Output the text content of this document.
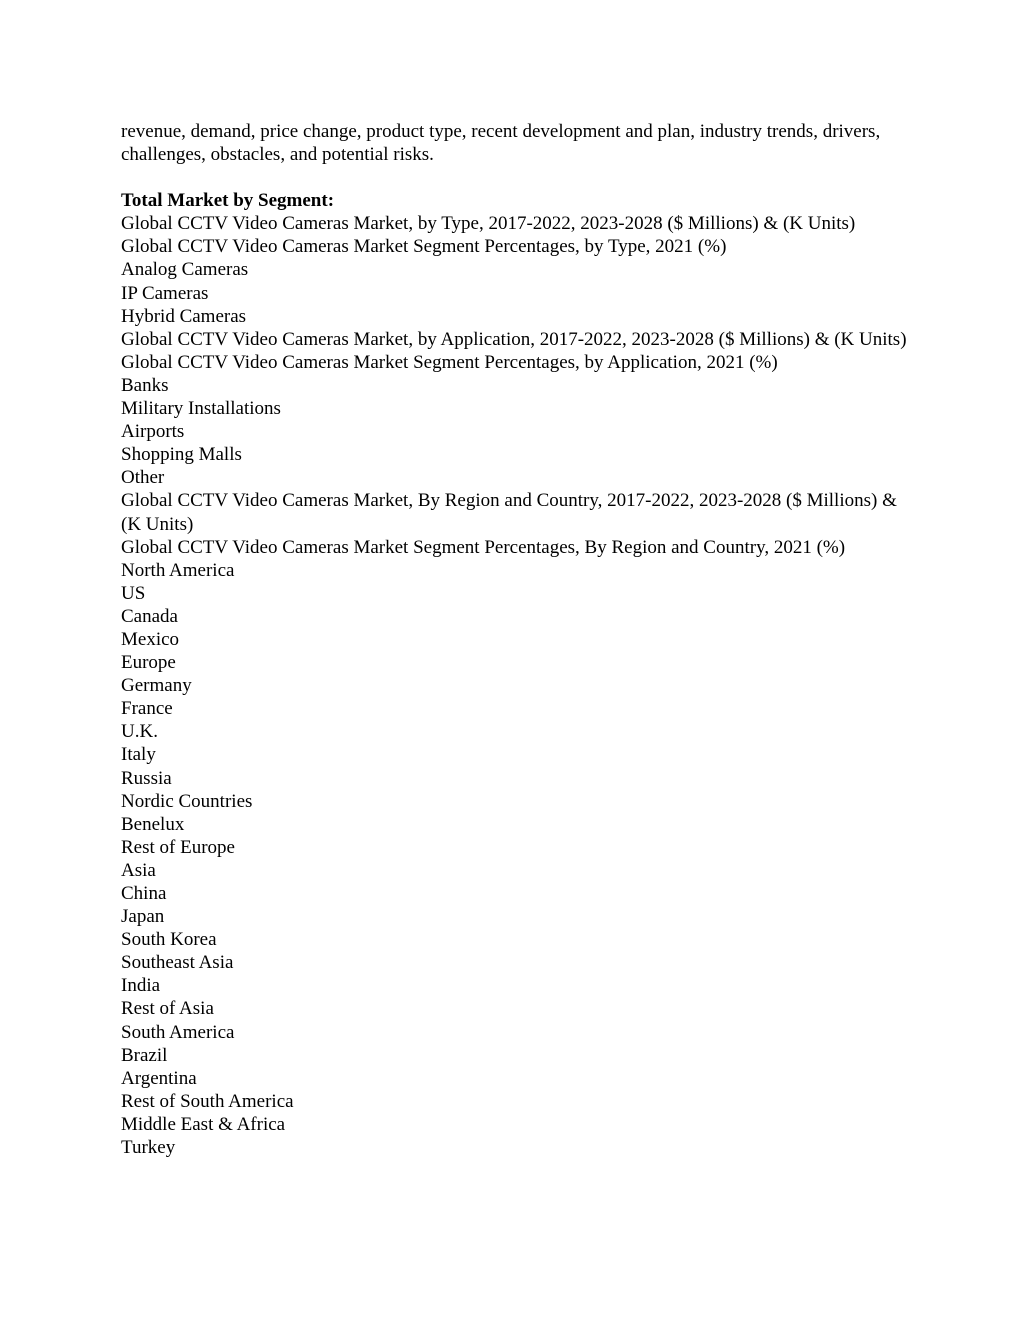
revenue, demand, price change, product type, recent development and plan, industry trends, drivers, challenges, obstacles, and potential risks.

Total Market by Segment:

Global CCTV Video Cameras Market, by Type, 2017-2022, 2023-2028 ($ Millions) & (K Units)
Global CCTV Video Cameras Market Segment Percentages, by Type, 2021 (%)
Analog Cameras
IP Cameras
Hybrid Cameras
Global CCTV Video Cameras Market, by Application, 2017-2022, 2023-2028 ($ Millions) & (K Units)
Global CCTV Video Cameras Market Segment Percentages, by Application, 2021 (%)
Banks
Military Installations
Airports
Shopping Malls
Other
Global CCTV Video Cameras Market, By Region and Country, 2017-2022, 2023-2028 ($ Millions) & (K Units)
Global CCTV Video Cameras Market Segment Percentages, By Region and Country, 2021 (%)
North America
US
Canada
Mexico
Europe
Germany
France
U.K.
Italy
Russia
Nordic Countries
Benelux
Rest of Europe
Asia
China
Japan
South Korea
Southeast Asia
India
Rest of Asia
South America
Brazil
Argentina
Rest of South America
Middle East & Africa
Turkey
